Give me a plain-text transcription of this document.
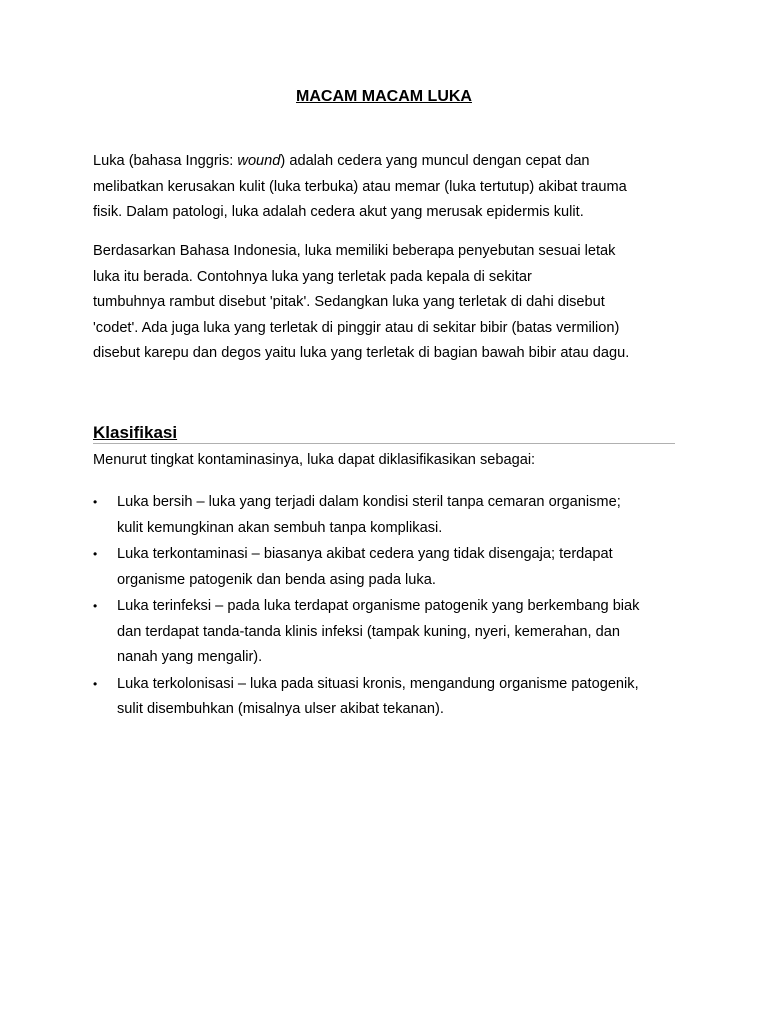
MACAM MACAM LUKA

Luka (bahasa Inggris: wound) adalah cedera yang muncul dengan cepat dan
melibatkan kerusakan kulit (luka terbuka) atau memar (luka tertutup) akibat trauma
fisik. Dalam patologi, luka adalah cedera akut yang merusak epidermis kulit.

Berdasarkan Bahasa Indonesia, luka memiliki beberapa penyebutan sesuai letak
luka itu berada. Contohnya luka yang terletak pada kepala di sekitar
tumbuhnya rambut disebut 'pitak'. Sedangkan luka yang terletak di dahi disebut
'codet'. Ada juga luka yang terletak di pinggir atau di sekitar bibir (batas vermilion)
disebut karepu dan degos yaitu luka yang terletak di bagian bawah bibir atau dagu.

Klasifikasi

Menurut tingkat kontaminasinya, luka dapat diklasifikasikan sebagai:

• Luka bersih – luka yang terjadi dalam kondisi steril tanpa cemaran organisme;
kulit kemungkinan akan sembuh tanpa komplikasi.
• Luka terkontaminasi – biasanya akibat cedera yang tidak disengaja; terdapat
organisme patogenik dan benda asing pada luka.
• Luka terinfeksi – pada luka terdapat organisme patogenik yang berkembang biak
dan terdapat tanda-tanda klinis infeksi (tampak kuning, nyeri, kemerahan, dan
nanah yang mengalir).
• Luka terkolonisasi – luka pada situasi kronis, mengandung organisme patogenik,
sulit disembuhkan (misalnya ulser akibat tekanan).
